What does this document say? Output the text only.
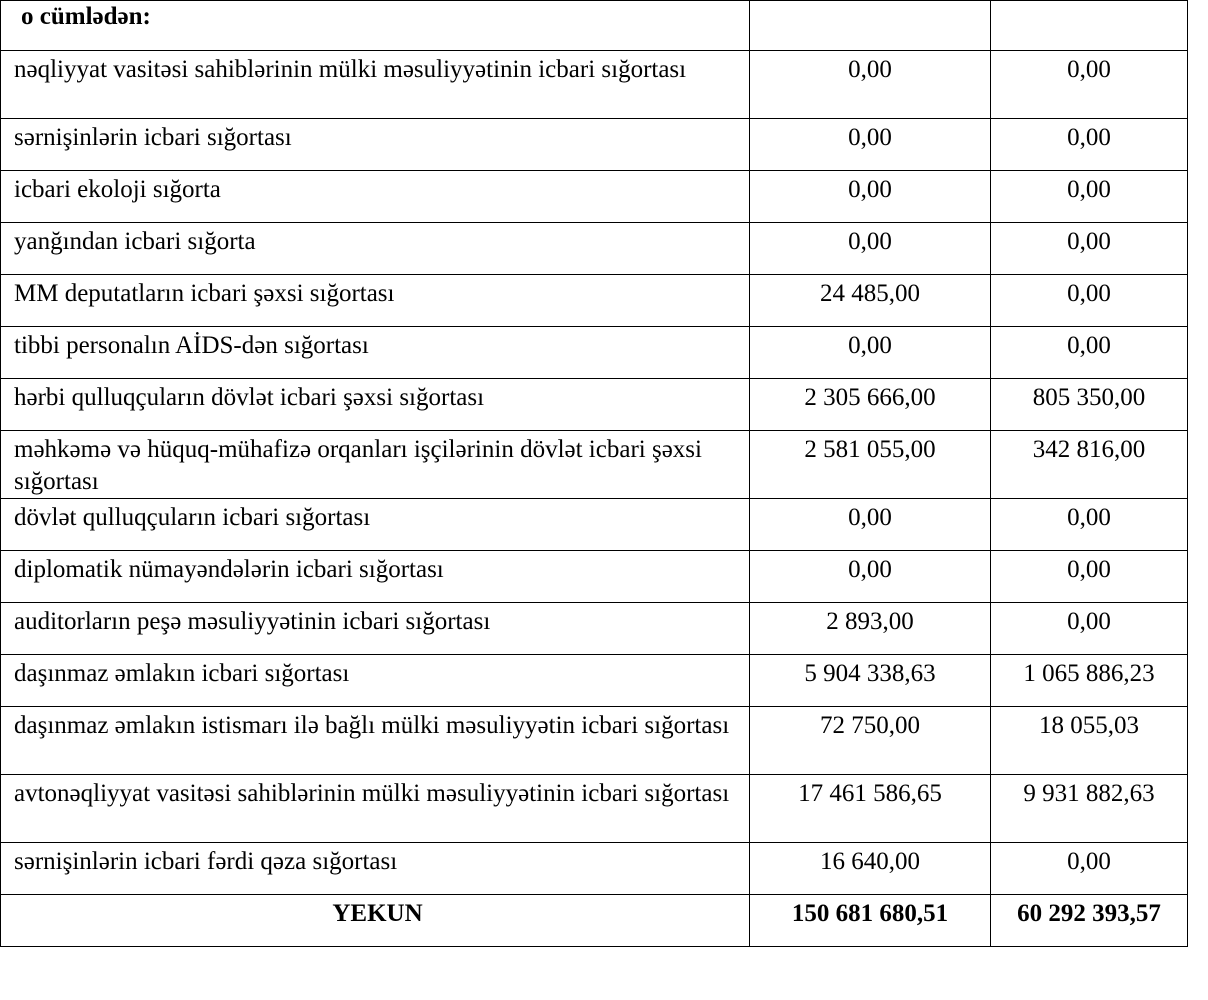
o cümlədən:		
nəqliyyat vasitəsi sahiblərinin mülki məsuliyyətinin icbari sığortası	0,00	0,00
sərnişinlərin icbari sığortası	0,00	0,00
icbari ekoloji sığorta	0,00	0,00
yanğından icbari sığorta	0,00	0,00
MM deputatların icbari şəxsi sığortası	24 485,00	0,00
tibbi personalın AİDS-dən sığortası	0,00	0,00
hərbi qulluqçuların dövlət icbari şəxsi sığortası	2 305 666,00	805 350,00
məhkəmə və hüquq-mühafizə orqanları işçilərinin dövlət icbari şəxsi sığortası	2 581 055,00	342 816,00
dövlət qulluqçuların icbari sığortası	0,00	0,00
diplomatik nümayəndələrin icbari sığortası	0,00	0,00
auditorların peşə məsuliyyətinin icbari sığortası	2 893,00	0,00
daşınmaz əmlakın icbari sığortası	5 904 338,63	1 065 886,23
daşınmaz əmlakın istismarı ilə bağlı mülki məsuliyyətin icbari sığortası	72 750,00	18 055,03
avtonəqliyyat vasitəsi sahiblərinin mülki məsuliyyətinin icbari sığortası	17 461 586,65	9 931 882,63
sərnişinlərin icbari fərdi qəza sığortası	16 640,00	0,00
YEKUN	150 681 680,51	60 292 393,57
